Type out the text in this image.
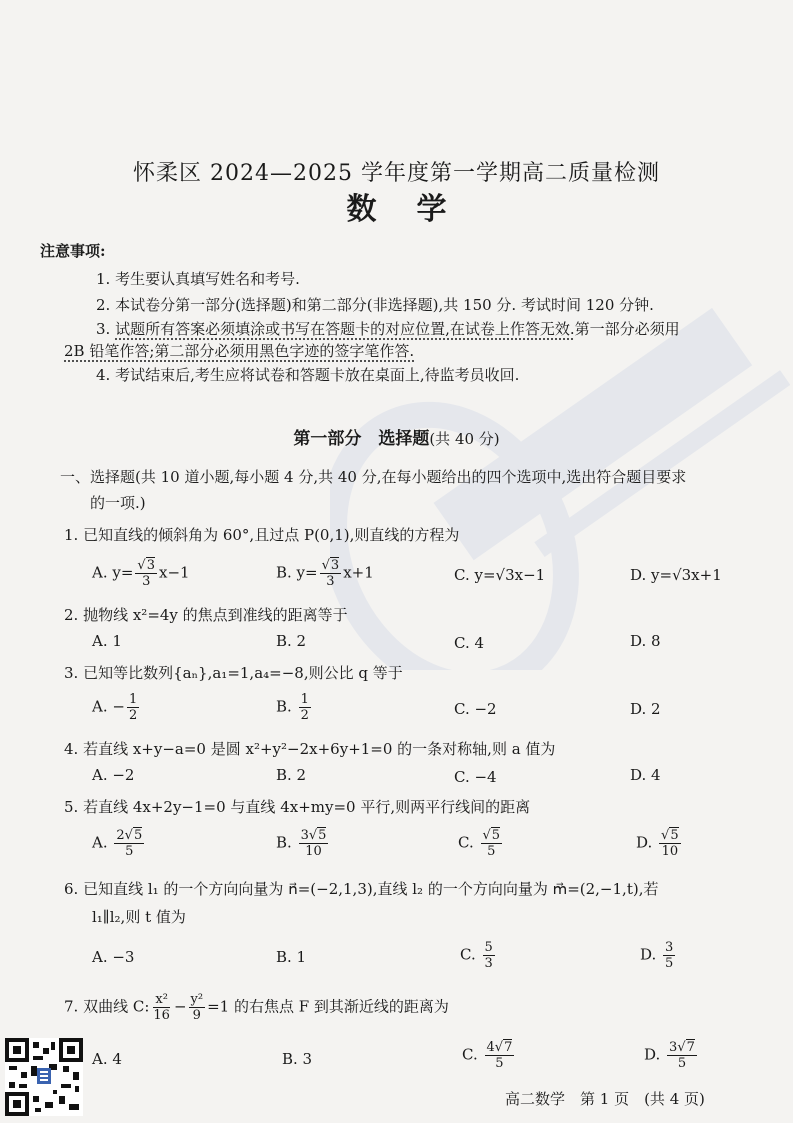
怀柔区 2024—2025 学年度第一学期高二质量检测
数学
注意事项:
1. 考生要认真填写姓名和考号.
2. 本试卷分第一部分(选择题)和第二部分(非选择题),共 150 分. 考试时间 120 分钟.
3. 试题所有答案必须填涂或书写在答题卡的对应位置,在试卷上作答无效.第一部分必须用
2B 铅笔作答;第二部分必须用黑色字迹的签字笔作答.
4. 考试结束后,考生应将试卷和答题卡放在桌面上,待监考员收回.
第一部分　选择题(共 40 分)
一、选择题(共 10 道小题,每小题 4 分,共 40 分,在每小题给出的四个选项中,选出符合题目要求
的一项.)
1. 已知直线的倾斜角为 60°,且过点 P(0,1),则直线的方程为
A. $y= \frac{√3}{3} x-1$	B. $y= \frac{√3}{3} x+1$	C. y=√3x−1	D. y=√3x+1
2. 抛物线 x²=4y 的焦点到准线的距离等于
A. 1	B. 2	C. 4	D. 8
3. 已知等比数列{aₙ},a₁=1,a₄=−8,则公比 q 等于
A. − $\frac{1}{2}$	B. $\frac{1}{2}$	C. −2	D. 2
4. 若直线 x+y−a=0 是圆 x²+y²−2x+6y+1=0 的一条对称轴,则 a 值为
A. −2	B. 2	C. −4	D. 4
5. 若直线 4x+2y−1=0 与直线 4x+my=0 平行,则两平行线间的距离
A. $\frac{2√5}{5}$	B. $\frac{3√5}{10}$	C. $\frac{√5}{5}$	D. $\frac{√5}{10}$
6. 已知直线 l₁ 的一个方向向量为 n⃗=(−2,1,3),直线 l₂ 的一个方向向量为 m⃗=(2,−1,t),若
l₁∥l₂,则 t 值为
A. −3	B. 1	C. $\frac{5}{3}$	D. $\frac{3}{5}$
7. 双曲线 C: $\frac{\text{x²}}{16} - \frac{\text{y²}}{9} =1$ 的右焦点 F 到其渐近线的距离为
A. 4	B. 3	C. $\frac{4√7}{5}$	D. $\frac{3√7}{5}$
高二数学　第 1 页　(共 4 页)
